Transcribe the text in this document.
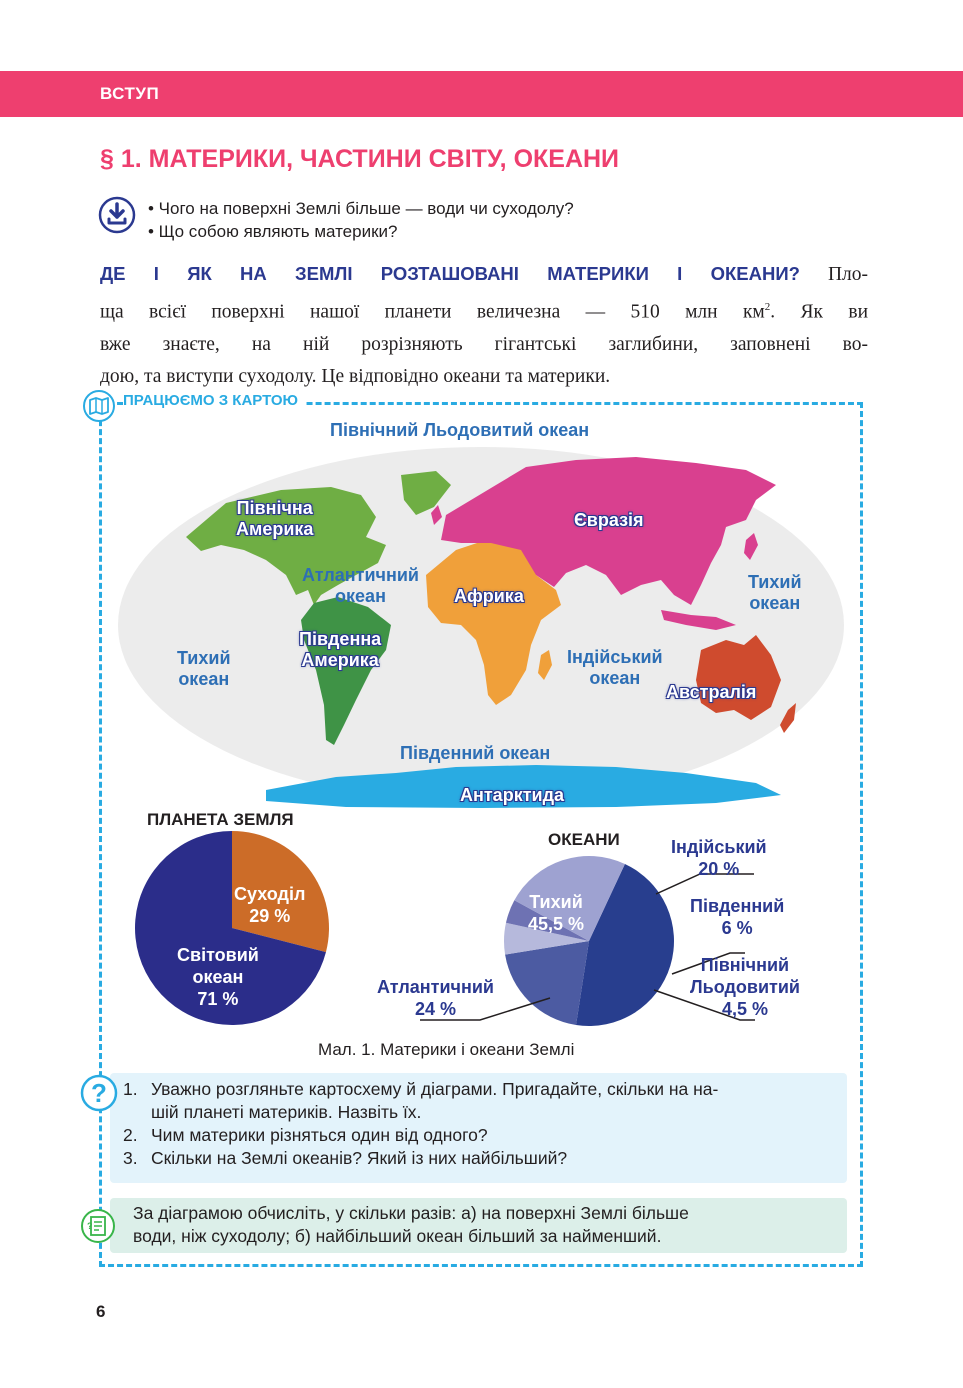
ВСТУП
§ 1. МАТЕРИКИ, ЧАСТИНИ СВІТУ, ОКЕАНИ
• Чого на поверхні Землі більше — води чи суходолу?
• Що собою являють материки?
ДЕ І ЯК НА ЗЕМЛІ РОЗТАШОВАНІ МАТЕРИКИ І ОКЕАНИ? Пло-
ща всієї поверхні нашої планети величезна — 510 млн $км^2$. Як ви
вже знаєте, на ній розрізняють гігантські заглибини, заповнені во-
дою, та виступи суходолу. Це відповідно океани та материки.
ПРАЦЮЄМО З КАРТОЮ
Північний Льодовитий океан
Північна
Америка	Євразія
Атлантичний
океан	Африка
Тихий
океан
Південна
Америка
Тихий
океан
Індійський
океан
Австралія
Південний океан
Антарктида
ПЛАНЕТА ЗЕМЛЯ
Суходіл
29 %
Світовий
океан
71 %
ОКЕАНИ
Тихий
45,5 %
Індійський
20 %
Південний
6 %
Північний
Льодовитий
4,5 %
Атлантичний
24 %
Мал. 1. Материки і океани Землі
? 1. Уважно розгляньте картосхему й діаграми. Пригадайте, скільки на на-
шій планеті материків. Назвіть їх.
2. Чим материки різняться один від одного?
3. Скільки на Землі океанів? Який із них найбільший?
?
За діаграмою обчисліть, у скільки разів: а) на поверхні Землі більше
води, ніж суходолу; б) найбільший океан більший за найменший.
6
